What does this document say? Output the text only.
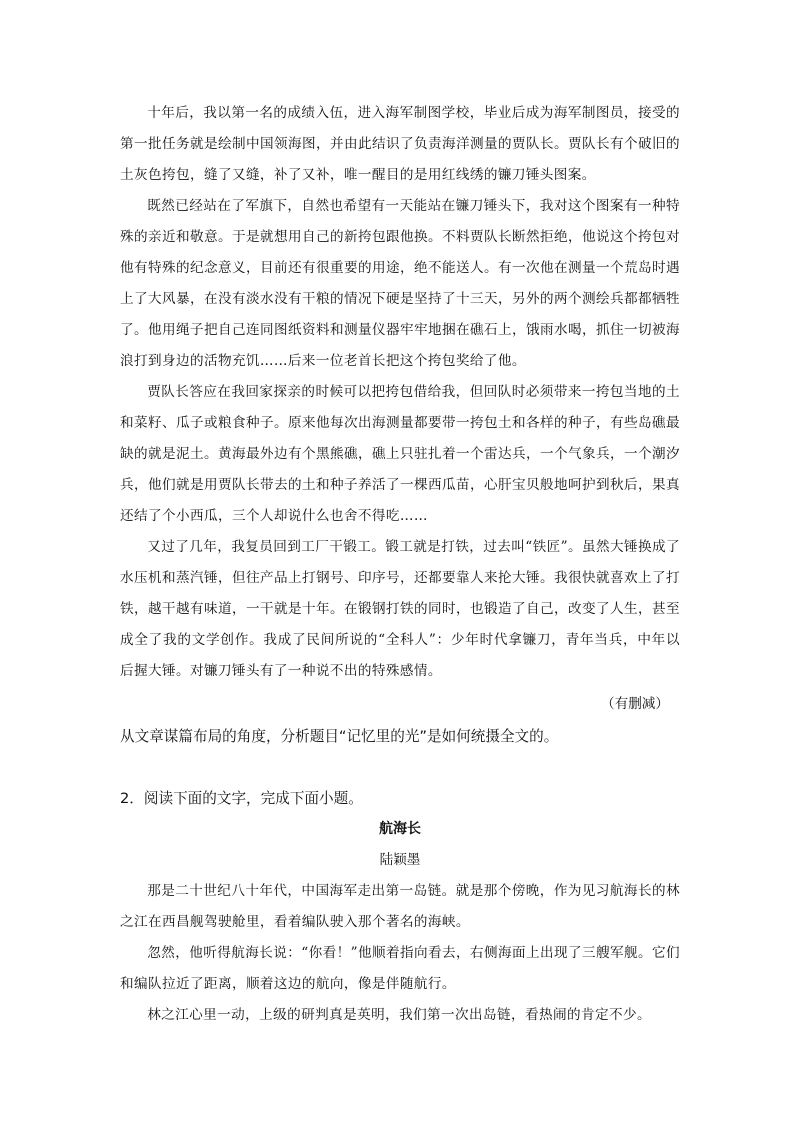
十年后，我以第一名的成绩入伍，进入海军制图学校，毕业后成为海军制图员，接受的第一批任务就是绘制中国领海图，并由此结识了负责海洋测量的贾队长。贾队长有个破旧的土灰色挎包，缝了又缝，补了又补，唯一醒目的是用红线绣的镰刀锤头图案。

既然已经站在了军旗下，自然也希望有一天能站在镰刀锤头下，我对这个图案有一种特殊的亲近和敬意。于是就想用自己的新挎包跟他换。不料贾队长断然拒绝，他说这个挎包对他有特殊的纪念意义，目前还有很重要的用途，绝不能送人。有一次他在测量一个荒岛时遇上了大风暴，在没有淡水没有干粮的情况下硬是坚持了十三天，另外的两个测绘兵都都牺牲了。他用绳子把自己连同图纸资料和测量仪器牢牢地捆在礁石上，饿雨水喝，抓住一切被海浪打到身边的活物充饥……后来一位老首长把这个挎包奖给了他。

贾队长答应在我回家探亲的时候可以把挎包借给我，但回队时必须带来一挎包当地的土和菜籽、瓜子或粮食种子。原来他每次出海测量都要带一挎包土和各样的种子，有些岛礁最缺的就是泥土。黄海最外边有个黑熊礁，礁上只驻扎着一个雷达兵，一个气象兵，一个潮汐兵，他们就是用贾队长带去的土和种子养活了一棵西瓜苗，心肝宝贝般地呵护到秋后，果真还结了个小西瓜，三个人却说什么也舍不得吃……

又过了几年，我复员回到工厂干锻工。锻工就是打铁，过去叫“铁匠”。虽然大锤换成了水压机和蒸汽锤，但往产品上打钢号、印序号，还都要靠人来抡大锤。我很快就喜欢上了打铁，越干越有味道，一干就是十年。在锻钢打铁的同时，也锻造了自己，改变了人生，甚至成全了我的文学创作。我成了民间所说的“全科人”：少年时代拿镰刀，青年当兵，中年以后握大锤。对镰刀锤头有了一种说不出的特殊感情。

（有删减）
从文章谋篇布局的角度，分析题目“记忆里的光”是如何统摄全文的。
2．阅读下面的文字，完成下面小题。
航海长
陆颖墨

那是二十世纪八十年代，中国海军走出第一岛链。就是那个傍晚，作为见习航海长的林之江在西昌舰驾驶舱里，看着编队驶入那个著名的海峡。

忽然，他听得航海长说：“你看！”他顺着指向看去，右侧海面上出现了三艘军舰。它们和编队拉近了距离，顺着这边的航向，像是伴随航行。

林之江心里一动，上级的研判真是英明，我们第一次出岛链，看热闹的肯定不少。
